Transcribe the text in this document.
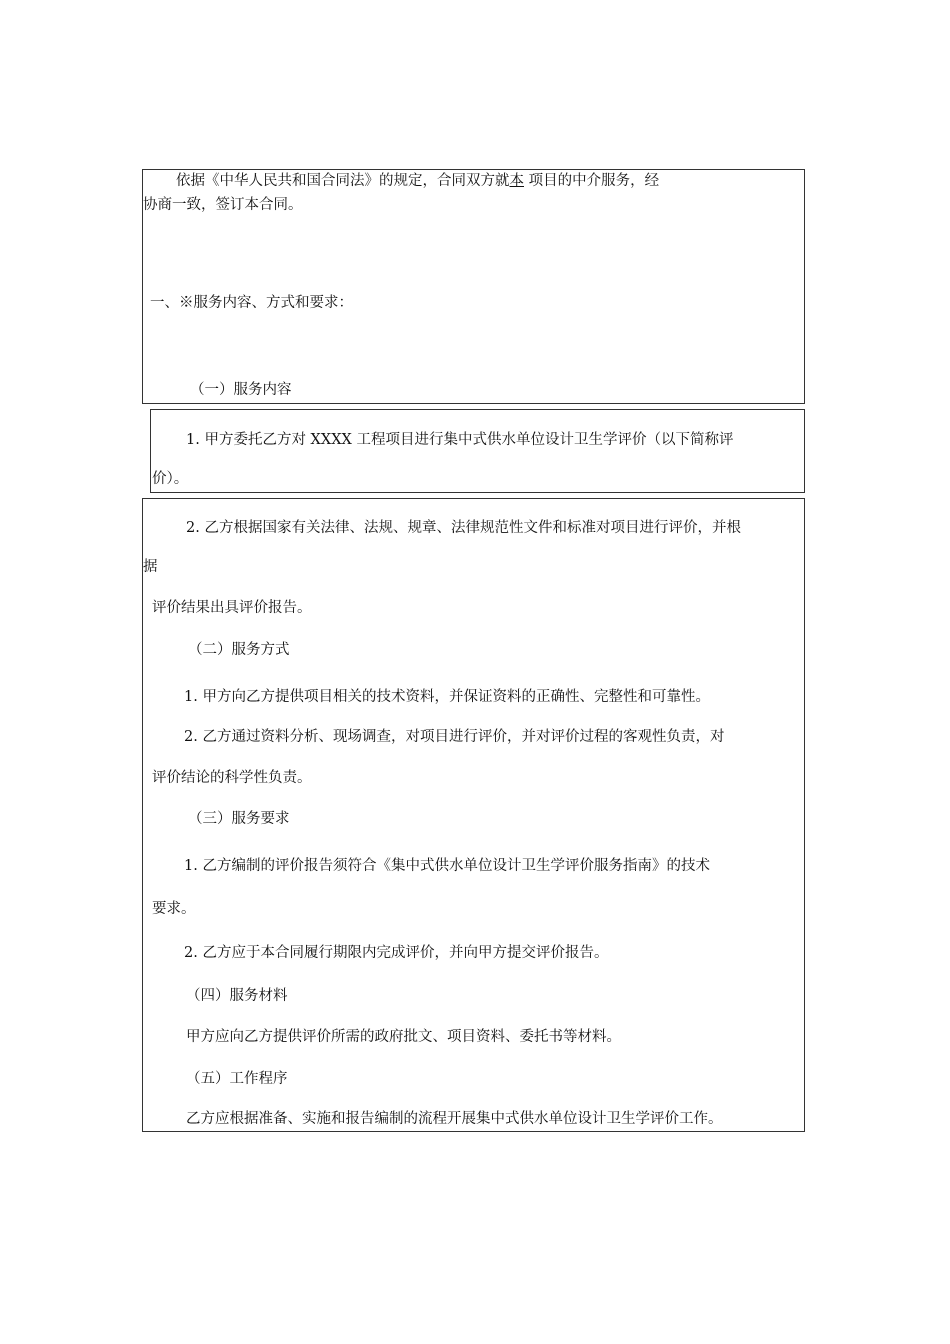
依据《中华人民共和国合同法》的规定，合同双方就本 项目的中介服务，经
协商一致，签订本合同。
一、※服务内容、方式和要求：
（一）服务内容
1. 甲方委托乙方对 XXXX 工程项目进行集中式供水单位设计卫生学评价（以下简称评
价）。
2. 乙方根据国家有关法律、法规、规章、法律规范性文件和标准对项目进行评价，并根
据
评价结果出具评价报告。
（二）服务方式
1. 甲方向乙方提供项目相关的技术资料，并保证资料的正确性、完整性和可靠性。
2. 乙方通过资料分析、现场调查，对项目进行评价，并对评价过程的客观性负责，对
评价结论的科学性负责。
（三）服务要求
1. 乙方编制的评价报告须符合《集中式供水单位设计卫生学评价服务指南》的技术
要求。
2. 乙方应于本合同履行期限内完成评价，并向甲方提交评价报告。
（四）服务材料
甲方应向乙方提供评价所需的政府批文、项目资料、委托书等材料。
（五）工作程序
乙方应根据准备、实施和报告编制的流程开展集中式供水单位设计卫生学评价工作。
